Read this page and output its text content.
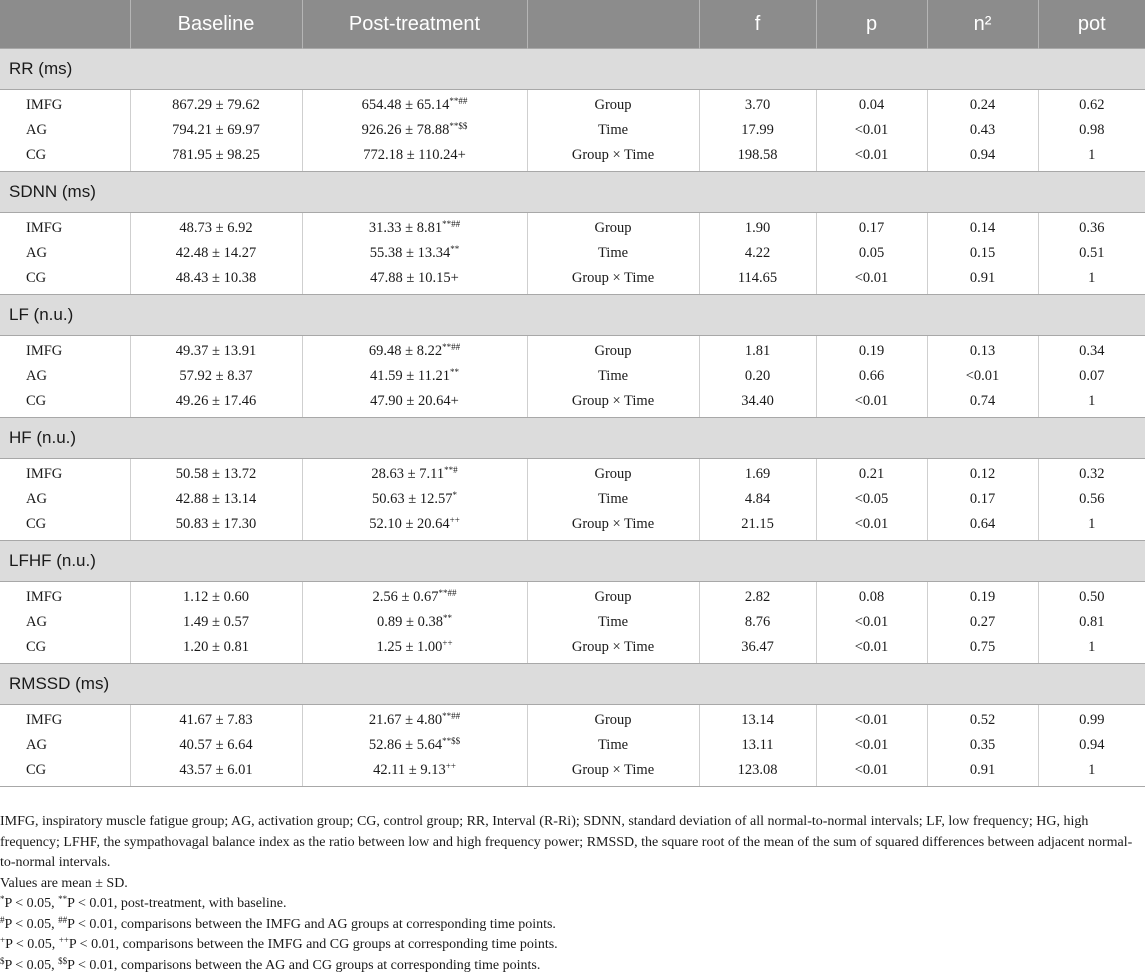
	Baseline	Post-treatment		f	p	n²	pot
RR (ms)							
IMFG	867.29 ± 79.62	654.48 ± 65.14**##	Group	3.70	0.04	0.24	0.62
AG	794.21 ± 69.97	926.26 ± 78.88**$$	Time	17.99	<0.01	0.43	0.98
CG	781.95 ± 98.25	772.18 ± 110.24+	Group × Time	198.58	<0.01	0.94	1
SDNN (ms)							
IMFG	48.73 ± 6.92	31.33 ± 8.81**##	Group	1.90	0.17	0.14	0.36
AG	42.48 ± 14.27	55.38 ± 13.34**	Time	4.22	0.05	0.15	0.51
CG	48.43 ± 10.38	47.88 ± 10.15+	Group × Time	114.65	<0.01	0.91	1
LF (n.u.)							
IMFG	49.37 ± 13.91	69.48 ± 8.22**##	Group	1.81	0.19	0.13	0.34
AG	57.92 ± 8.37	41.59 ± 11.21**	Time	0.20	0.66	<0.01	0.07
CG	49.26 ± 17.46	47.90 ± 20.64+	Group × Time	34.40	<0.01	0.74	1
HF (n.u.)							
IMFG	50.58 ± 13.72	28.63 ± 7.11**#	Group	1.69	0.21	0.12	0.32
AG	42.88 ± 13.14	50.63 ± 12.57*	Time	4.84	<0.05	0.17	0.56
CG	50.83 ± 17.30	52.10 ± 20.64++	Group × Time	21.15	<0.01	0.64	1
LFHF (n.u.)							
IMFG	1.12 ± 0.60	2.56 ± 0.67**##	Group	2.82	0.08	0.19	0.50
AG	1.49 ± 0.57	0.89 ± 0.38**	Time	8.76	<0.01	0.27	0.81
CG	1.20 ± 0.81	1.25 ± 1.00++	Group × Time	36.47	<0.01	0.75	1
RMSSD (ms)							
IMFG	41.67 ± 7.83	21.67 ± 4.80**##	Group	13.14	<0.01	0.52	0.99
AG	40.57 ± 6.64	52.86 ± 5.64**$$	Time	13.11	<0.01	0.35	0.94
CG	43.57 ± 6.01	42.11 ± 9.13++	Group × Time	123.08	<0.01	0.91	1

IMFG, inspiratory muscle fatigue group; AG, activation group; CG, control group; RR, Interval (R-Ri); SDNN, standard deviation of all normal-to-normal intervals; LF, low frequency; HG, high frequency; LFHF, the sympathovagal balance index as the ratio between low and high frequency power; RMSSD, the square root of the mean of the sum of squared differences between adjacent normal-to-normal intervals.

Values are mean ± SD.

*P < 0.05, **P < 0.01, post-treatment, with baseline.

#P < 0.05, ##P < 0.01, comparisons between the IMFG and AG groups at corresponding time points.

+P < 0.05, ++P < 0.01, comparisons between the IMFG and CG groups at corresponding time points.

$P < 0.05, $$P < 0.01, comparisons between the AG and CG groups at corresponding time points.
